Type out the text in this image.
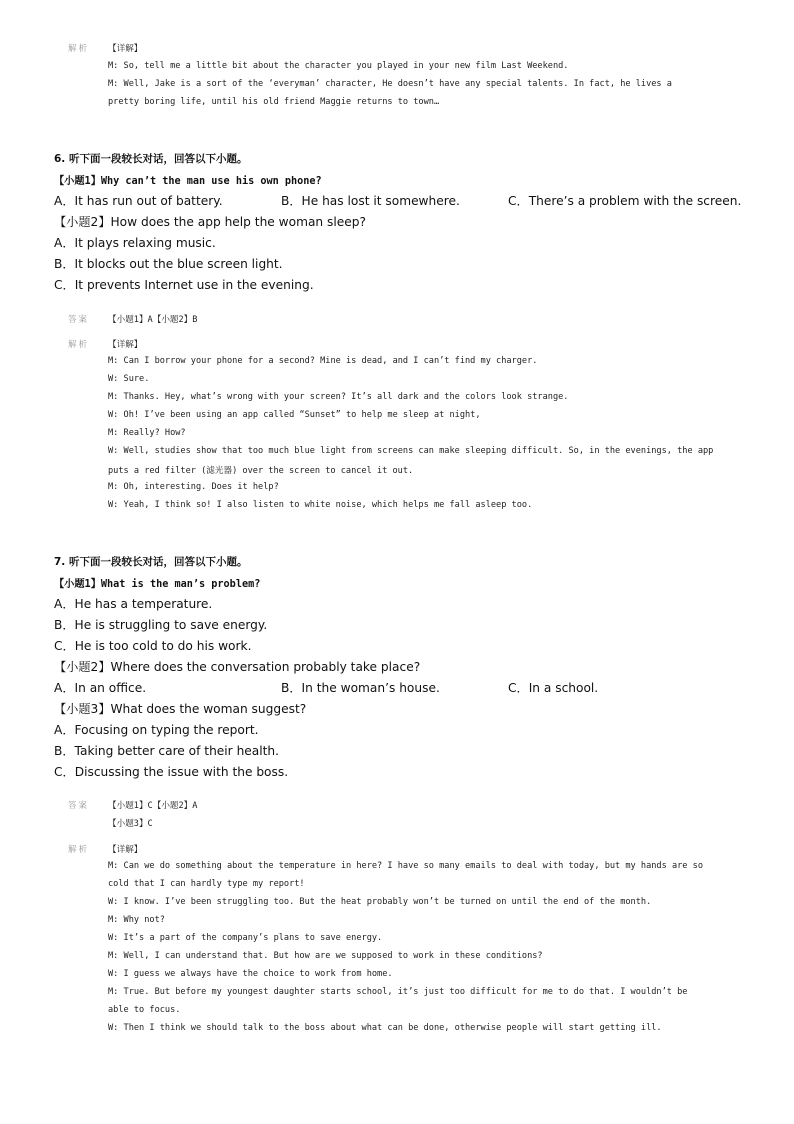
解析 【详解】
M: So, tell me a little bit about the character you played in your new film Last Weekend.
M: Well, Jake is a sort of the ‘everyman’ character, He doesn’t have any special talents. In fact, he lives a
pretty boring life, until his old friend Maggie returns to town…
6. 听下面一段较长对话，回答以下小题。
【小题1】Why can’t the man use his own phone?
A．It has run out of battery.	B．He has lost it somewhere.	C．There’s a problem with the screen.
【小题2】How does the app help the woman sleep?
A．It plays relaxing music.
B．It blocks out the blue screen light.
C．It prevents Internet use in the evening.
答案 【小题1】A【小题2】B
解析 【详解】
M: Can I borrow your phone for a second? Mine is dead, and I can’t find my charger.
W: Sure.
M: Thanks. Hey, what’s wrong with your screen? It’s all dark and the colors look strange.
W: Oh! I’ve been using an app called “Sunset” to help me sleep at night,
M: Really? How?
W: Well, studies show that too much blue light from screens can make sleeping difficult. So, in the evenings, the app
puts a red filter (滤光器) over the screen to cancel it out.
M: Oh, interesting. Does it help?
W: Yeah, I think so! I also listen to white noise, which helps me fall asleep too.
7. 听下面一段较长对话，回答以下小题。
【小题1】What is the man’s problem?
A．He has a temperature.
B．He is struggling to save energy.
C．He is too cold to do his work.
【小题2】Where does the conversation probably take place?
A．In an office.	B．In the woman’s house.	C．In a school.
【小题3】What does the woman suggest?
A．Focusing on typing the report.
B．Taking better care of their health.
C．Discussing the issue with the boss.
答案 【小题1】C【小题2】A
【小题3】C
解析 【详解】
M: Can we do something about the temperature in here? I have so many emails to deal with today, but my hands are so
cold that I can hardly type my report!
W: I know. I’ve been struggling too. But the heat probably won’t be turned on until the end of the month.
M: Why not?
W: It’s a part of the company’s plans to save energy.
M: Well, I can understand that. But how are we supposed to work in these conditions?
W: I guess we always have the choice to work from home.
M: True. But before my youngest daughter starts school, it’s just too difficult for me to do that. I wouldn’t be
able to focus.
W: Then I think we should talk to the boss about what can be done, otherwise people will start getting ill.
